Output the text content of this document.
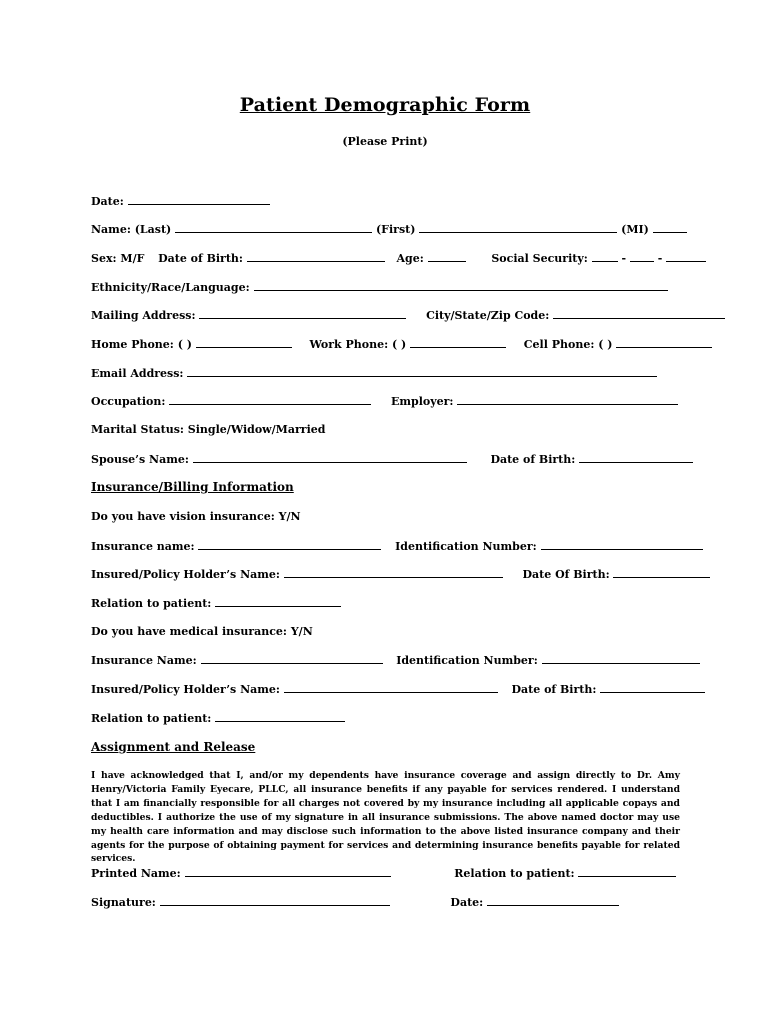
Patient Demographic Form
(Please Print)
Date:
Name: (Last)	(First)	(MI)
Sex: M/F Date of Birth:	Age:	Social Security:	-	-
Ethnicity/Race/Language:
Mailing Address:	City/State/Zip Code:
Home Phone: ( )	Work Phone: ( )	Cell Phone: ( )
Email Address:
Occupation:	Employer:
Marital Status: Single/Widow/Married
Spouse’s Name:	Date of Birth:
Insurance/Billing Information
Do you have vision insurance: Y/N
Insurance name:	Identification Number:
Insured/Policy Holder’s Name:	Date Of Birth:
Relation to patient:
Do you have medical insurance: Y/N
Insurance Name:	Identification Number:
Insured/Policy Holder’s Name:	Date of Birth:
Relation to patient:
Assignment and Release
I have acknowledged that I, and/or my dependents have insurance coverage and assign directly to Dr. Amy Henry/Victoria Family Eyecare, PLLC, all insurance benefits if any payable for services rendered. I understand that I am financially responsible for all charges not covered by my insurance including all applicable copays and deductibles. I authorize the use of my signature in all insurance submissions. The above named doctor may use my health care information and may disclose such information to the above listed insurance company and their agents for the purpose of obtaining payment for services and determining insurance benefits payable for related services.
Printed Name:	Relation to patient:
Signature:	Date:
